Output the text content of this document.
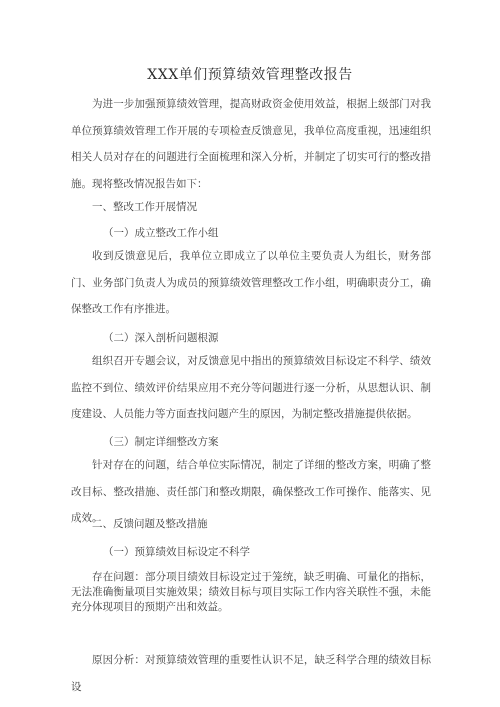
XXX单们预算绩效管理整改报告

为进一步加强预算绩效管理，提高财政资金使用效益，根据上级部门对我单位预算绩效管理工作开展的专项检查反馈意见，我单位高度重视，迅速组织相关人员对存在的问题进行全面梳理和深入分析，并制定了切实可行的整改措施。现将整改情况报告如下：

一、整改工作开展情况

（一）成立整改工作小组

收到反馈意见后，我单位立即成立了以单位主要负责人为组长，财务部门、业务部门负责人为成员的预算绩效管理整改工作小组，明确职责分工，确保整改工作有序推进。

（二）深入剖析问题根源

组织召开专题会议，对反馈意见中指出的预算绩效目标设定不科学、绩效监控不到位、绩效评价结果应用不充分等问题进行逐一分析，从思想认识、制度建设、人员能力等方面查找问题产生的原因，为制定整改措施提供依据。

（三）制定详细整改方案

针对存在的问题，结合单位实际情况，制定了详细的整改方案，明确了整改目标、整改措施、责任部门和整改期限，确保整改工作可操作、能落实、见成效。

二、反馈问题及整改措施

（一）预算绩效目标设定不科学

存在问题：部分项目绩效目标设定过于笼统，缺乏明确、可量化的指标，无法准确衡量项目实施效果；绩效目标与项目实际工作内容关联性不强，未能充分体现项目的预期产出和效益。

原因分析：对预算绩效管理的重要性认识不足，缺乏科学合理的绩效目标设
